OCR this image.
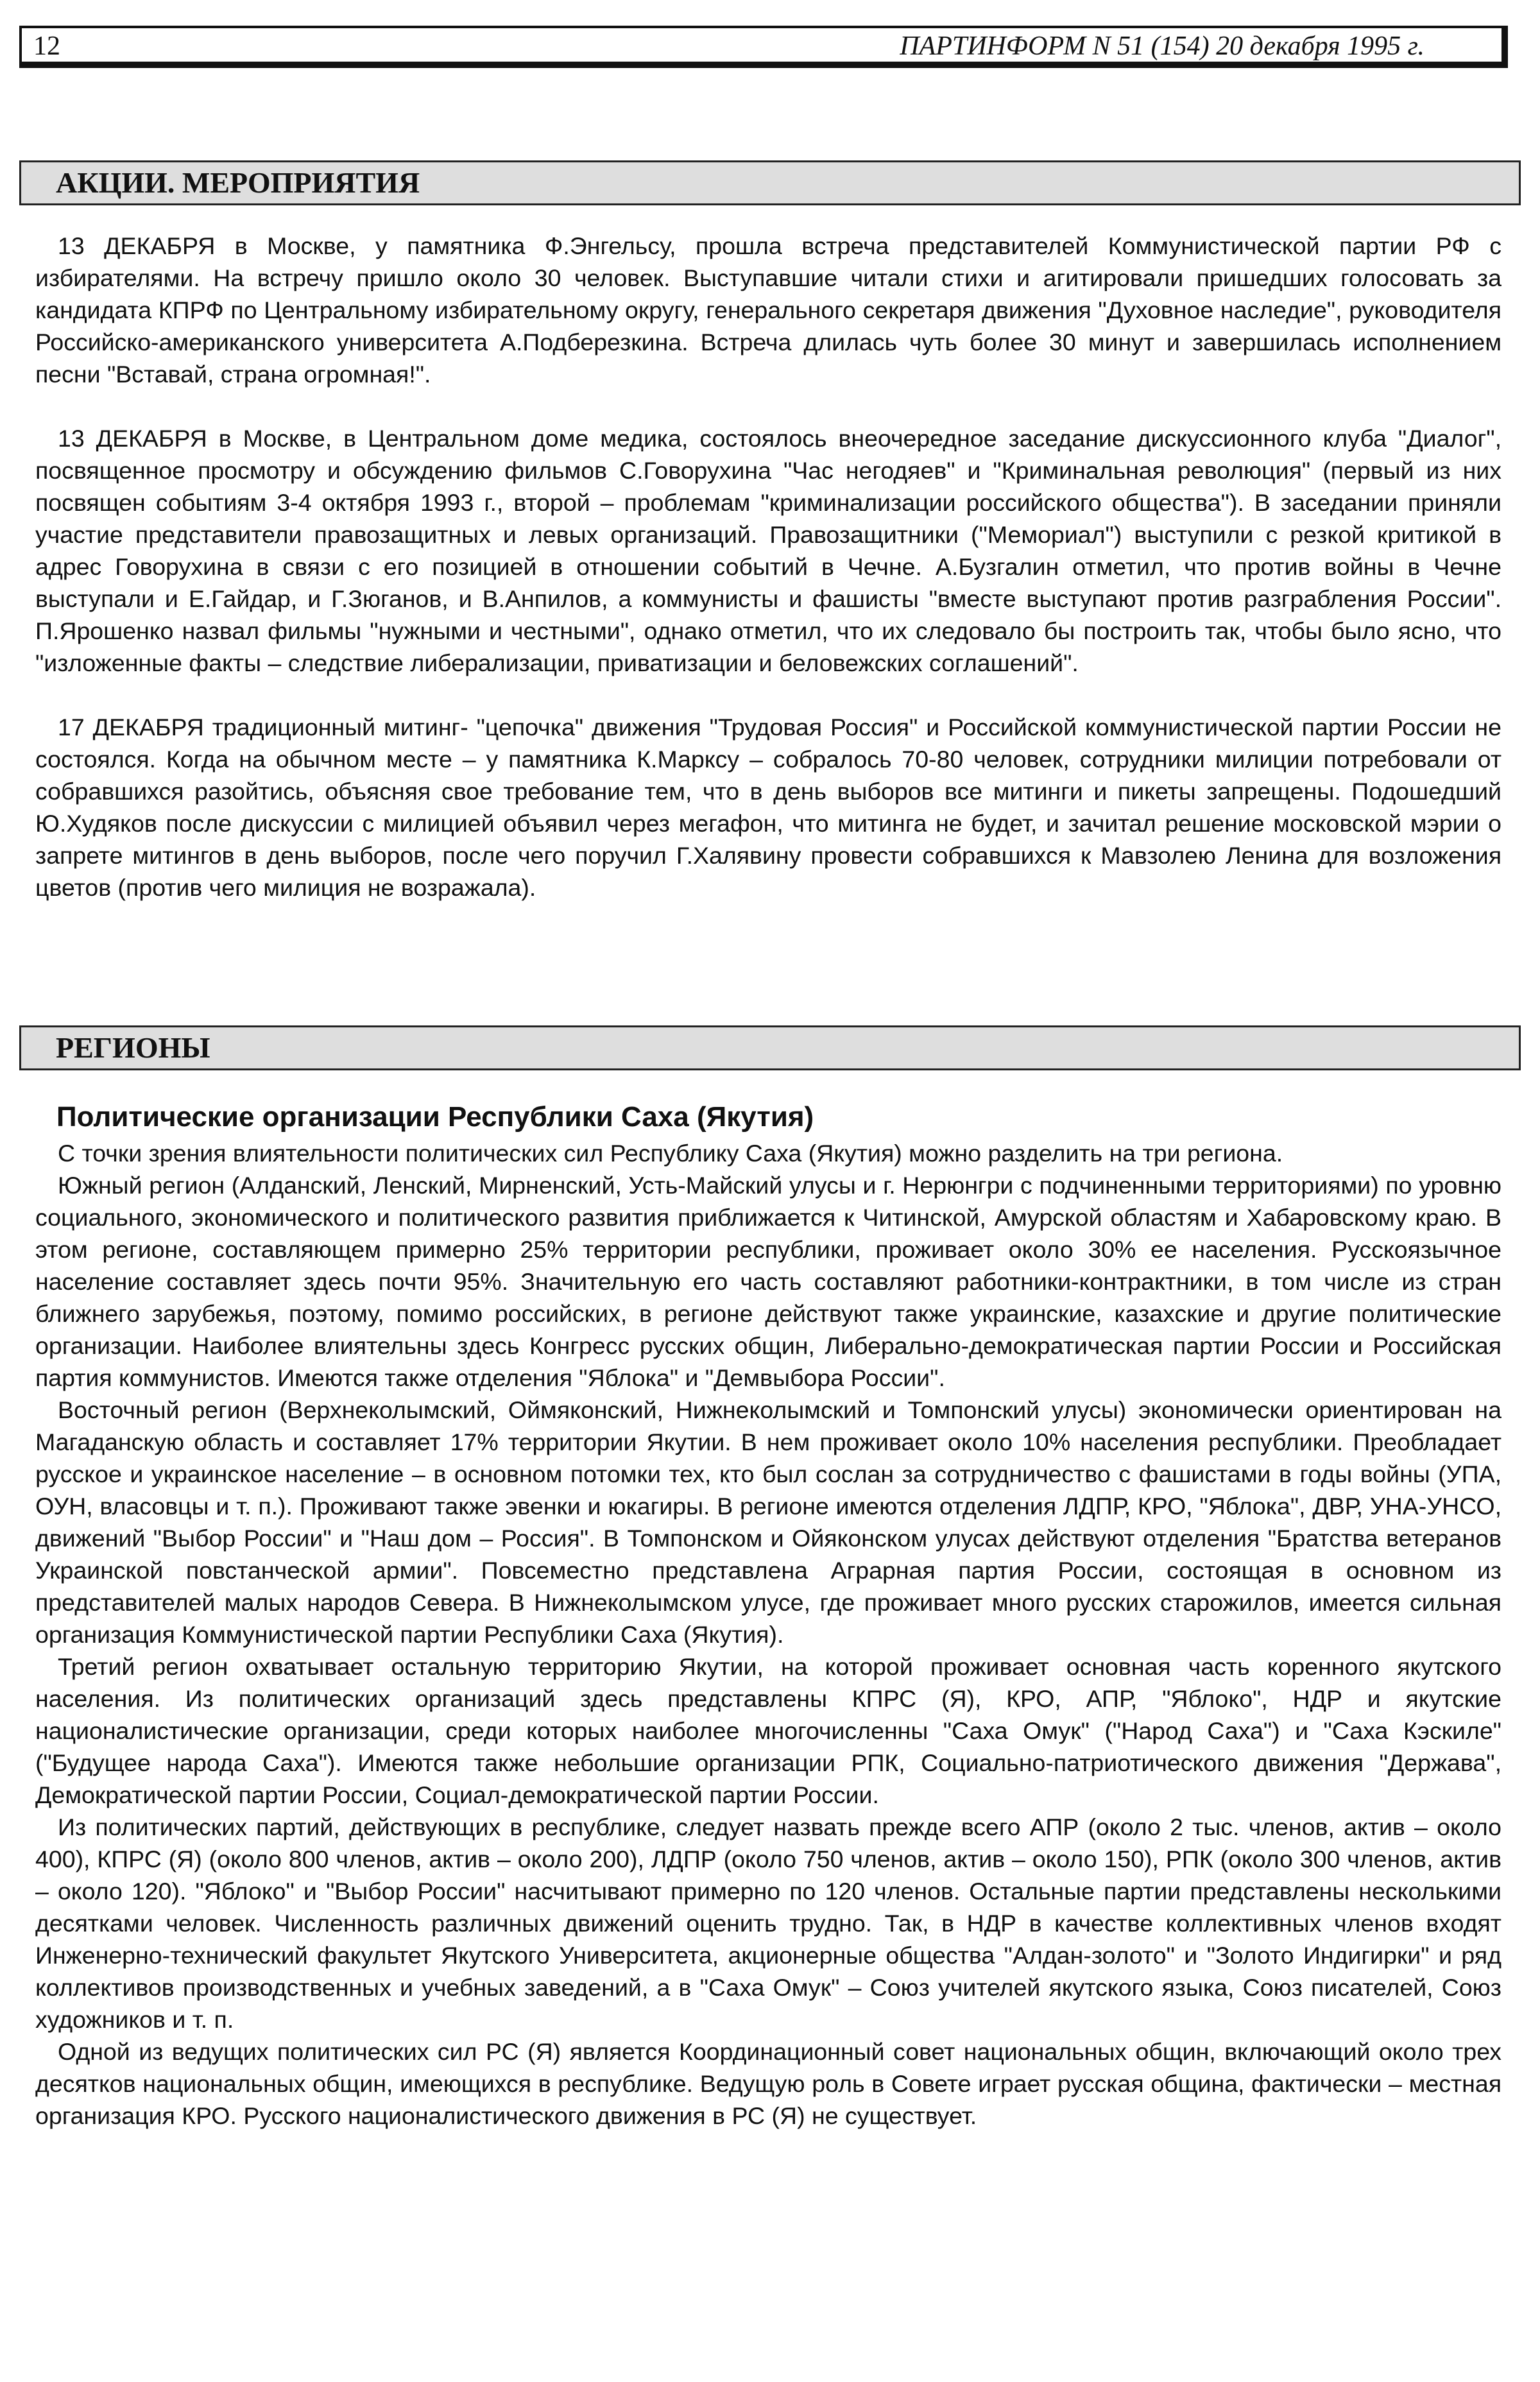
12	ПАРТИНФОРМ N 51 (154) 20 декабря 1995 г.
АКЦИИ. МЕРОПРИЯТИЯ

13 ДЕКАБРЯ в Москве, у памятника Ф.Энгельсу, прошла встреча представителей Коммунистической партии РФ с избирателями. На встречу пришло около 30 человек. Выступавшие читали стихи и агитировали пришедших голосовать за кандидата КПРФ по Центральному избирательному округу, генерального секретаря движения "Духовное наследие", руководителя Российско-американского университета А.Подберезкина. Встреча длилась чуть более 30 минут и завершилась исполнением песни "Вставай, страна огромная!".

13 ДЕКАБРЯ в Москве, в Центральном доме медика, состоялось внеочередное заседание дискуссионного клуба "Диалог", посвященное просмотру и обсуждению фильмов С.Говорухина "Час негодяев" и "Криминальная революция" (первый из них посвящен событиям 3-4 октября 1993 г., второй – проблемам "криминализации российского общества"). В заседании приняли участие представители правозащитных и левых организаций. Правозащитники ("Мемориал") выступили с резкой критикой в адрес Говорухина в связи с его позицией в отношении событий в Чечне. А.Бузгалин отметил, что против войны в Чечне выступали и Е.Гайдар, и Г.Зюганов, и В.Анпилов, а коммунисты и фашисты "вместе выступают против разграбления России". П.Ярошенко назвал фильмы "нужными и честными", однако отметил, что их следовало бы построить так, чтобы было ясно, что "изложенные факты – следствие либерализации, приватизации и беловежских соглашений".

17 ДЕКАБРЯ традиционный митинг- "цепочка" движения "Трудовая Россия" и Российской коммунистической партии России не состоялся. Когда на обычном месте – у памятника К.Марксу – собралось 70-80 человек, сотрудники милиции потребовали от собравшихся разойтись, объясняя свое требование тем, что в день выборов все митинги и пикеты запрещены. Подошедший Ю.Худяков после дискуссии с милицией объявил через мегафон, что митинга не будет, и зачитал решение московской мэрии о запрете митингов в день выборов, после чего поручил Г.Халявину провести собравшихся к Мавзолею Ленина для возложения цветов (против чего милиция не возражала).

РЕГИОНЫ
Политические организации Республики Саха (Якутия)

С точки зрения влиятельности политических сил Республику Саха (Якутия) можно разделить на три региона.

Южный регион (Алданский, Ленский, Мирненский, Усть-Майский улусы и г. Нерюнгри с подчиненными территориями) по уровню социального, экономического и политического развития приближается к Читинской, Амурской областям и Хабаровскому краю. В этом регионе, составляющем примерно 25% территории республики, проживает около 30% ее населения. Русскоязычное население составляет здесь почти 95%. Значительную его часть составляют работники-контрактники, в том числе из стран ближнего зарубежья, поэтому, помимо российских, в регионе действуют также украинские, казахские и другие политические организации. Наиболее влиятельны здесь Конгресс русских общин, Либерально-демократическая партии России и Российская партия коммунистов. Имеются также отделения "Яблока" и "Демвыбора России".

Восточный регион (Верхнеколымский, Оймяконский, Нижнеколымский и Томпонский улусы) экономически ориентирован на Магаданскую область и составляет 17% территории Якутии. В нем проживает около 10% населения республики. Преобладает русское и украинское население – в основном потомки тех, кто был сослан за сотрудничество с фашистами в годы войны (УПА, ОУН, власовцы и т. п.). Проживают также эвенки и юкагиры. В регионе имеются отделения ЛДПР, КРО, "Яблока", ДВР, УНА-УНСО, движений "Выбор России" и "Наш дом – Россия". В Томпонском и Ойяконском улусах действуют отделения "Братства ветеранов Украинской повстанческой армии". Повсеместно представлена Аграрная партия России, состоящая в основном из представителей малых народов Севера. В Нижнеколымском улусе, где проживает много русских старожилов, имеется сильная организация Коммунистической партии Республики Саха (Якутия).

Третий регион охватывает остальную территорию Якутии, на которой проживает основная часть коренного якутского населения. Из политических организаций здесь представлены КПРС (Я), КРО, АПР, "Яблоко", НДР и якутские националистические организации, среди которых наиболее многочисленны "Саха Омук" ("Народ Саха") и "Саха Кэскиле" ("Будущее народа Саха"). Имеются также небольшие организации РПК, Социально-патриотического движения "Держава", Демократической партии России, Социал-демократической партии России.

Из политических партий, действующих в республике, следует назвать прежде всего АПР (около 2 тыс. членов, актив – около 400), КПРС (Я) (около 800 членов, актив – около 200), ЛДПР (около 750 членов, актив – около 150), РПК (около 300 членов, актив – около 120). "Яблоко" и "Выбор России" насчитывают примерно по 120 членов. Остальные партии представлены несколькими десятками человек. Численность различных движений оценить трудно. Так, в НДР в качестве коллективных членов входят Инженерно-технический факультет Якутского Университета, акционерные общества "Алдан-золото" и "Золото Индигирки" и ряд коллективов производственных и учебных заведений, а в "Саха Омук" – Союз учителей якутского языка, Союз писателей, Союз художников и т. п.

Одной из ведущих политических сил РС (Я) является Координационный совет национальных общин, включающий около трех десятков национальных общин, имеющихся в республике. Ведущую роль в Совете играет русская община, фактически – местная организация КРО. Русского националистического движения в РС (Я) не существует.
